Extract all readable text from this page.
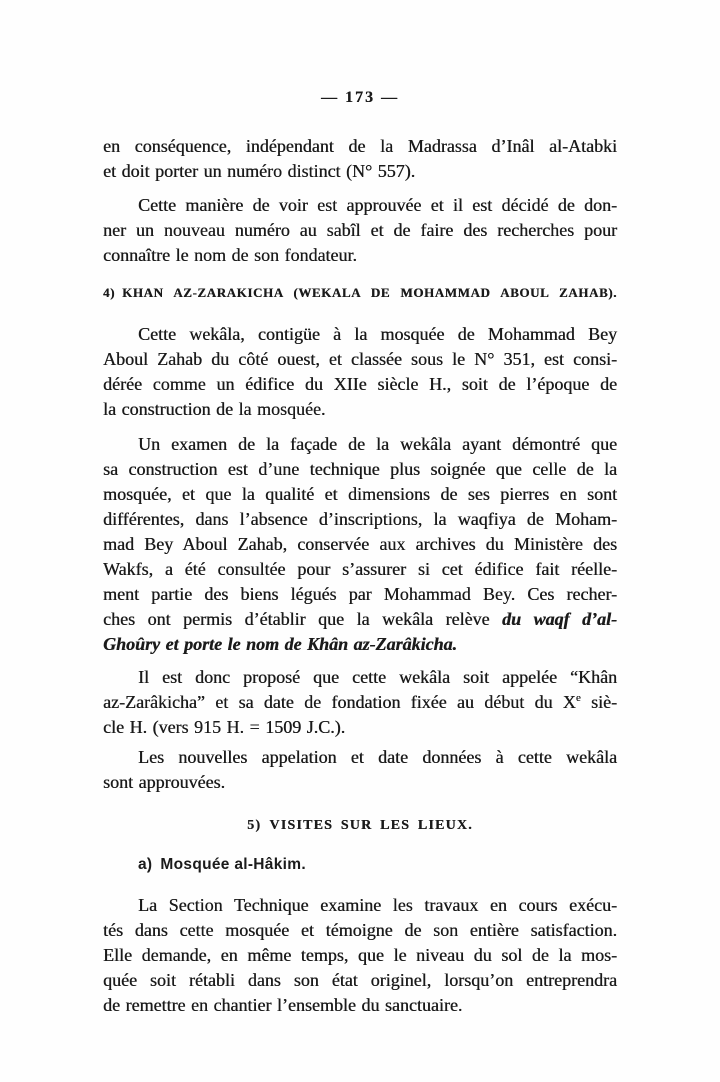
— 173 —
en conséquence, indépendant de la Madrassa d’Inâl al-Atabki
et doit porter un numéro distinct (N° 557).
Cette manière de voir est approuvée et il est décidé de don-
ner un nouveau numéro au sabîl et de faire des recherches pour
connaître le nom de son fondateur.
4) KHAN AZ-ZARAKICHA (WEKALA DE MOHAMMAD ABOUL ZAHAB).
Cette wekâla, contigüe à la mosquée de Mohammad Bey
Aboul Zahab du côté ouest, et classée sous le N° 351, est consi-
dérée comme un édifice du XIIe siècle H., soit de l’époque de
la construction de la mosquée.
Un examen de la façade de la wekâla ayant démontré que
sa construction est d’une technique plus soignée que celle de la
mosquée, et que la qualité et dimensions de ses pierres en sont
différentes, dans l’absence d’inscriptions, la waqfiya de Moham-
mad Bey Aboul Zahab, conservée aux archives du Ministère des
Wakfs, a été consultée pour s’assurer si cet édifice fait réelle-
ment partie des biens légués par Mohammad Bey. Ces recher-
ches ont permis d’établir que la wekâla relève du waqf d’al-
Ghoûry et porte le nom de Khân az-Zarâkicha.
Il est donc proposé que cette wekâla soit appelée “Khân
az-Zarâkicha” et sa date de fondation fixée au début du Xe siè-
cle H. (vers 915 H. = 1509 J.C.).
Les nouvelles appelation et date données à cette wekâla
sont approuvées.
5) VISITES SUR LES LIEUX.
a) Mosquée al-Hâkim.
La Section Technique examine les travaux en cours exécu-
tés dans cette mosquée et témoigne de son entière satisfaction.
Elle demande, en même temps, que le niveau du sol de la mos-
quée soit rétabli dans son état originel, lorsqu’on entreprendra
de remettre en chantier l’ensemble du sanctuaire.
